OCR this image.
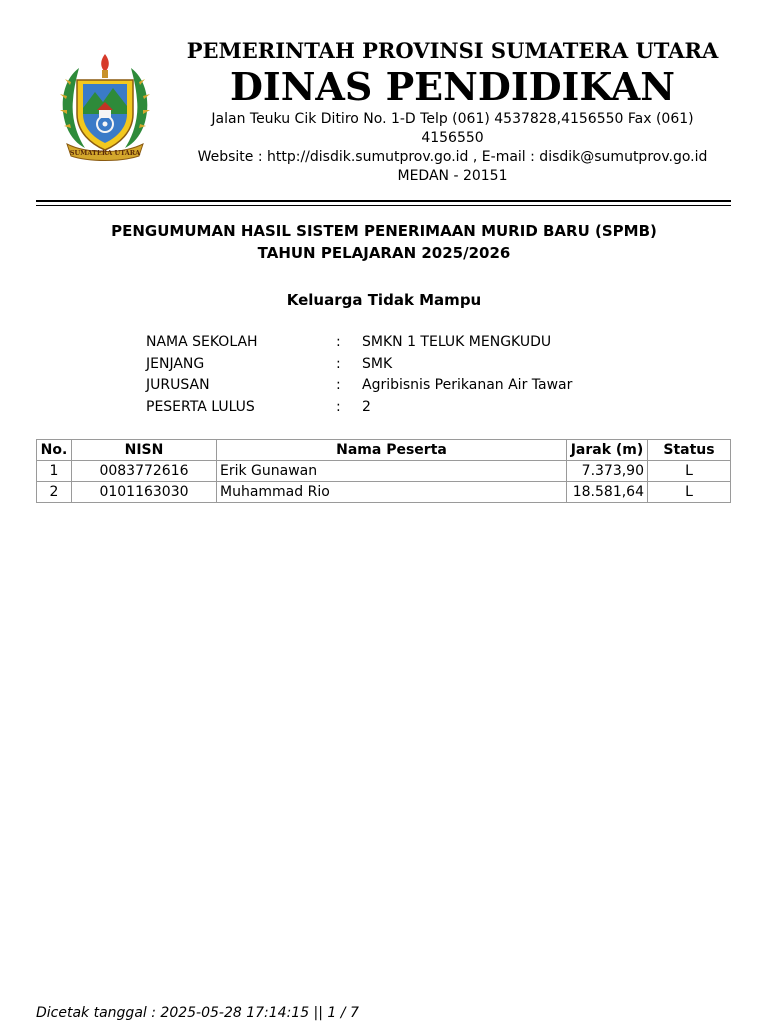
SUMATERA UTARA

PEMERINTAH PROVINSI SUMATERA UTARA

DINAS PENDIDIKAN

Jalan Teuku Cik Ditiro No. 1-D Telp (061) 4537828,4156550 Fax (061) 4156550

Website : http://disdik.sumutprov.go.id , E-mail : disdik@sumutprov.go.id

MEDAN - 20151

PENGUMUMAN HASIL SISTEM PENERIMAAN MURID BARU (SPMB)
TAHUN PELAJARAN 2025/2026
Keluarga Tidak Mampu
NAMA SEKOLAH	:	SMKN 1 TELUK MENGKUDU
JENJANG	:	SMK
JURUSAN	:	Agribisnis Perikanan Air Tawar
PESERTA LULUS	:	2
No.	NISN	Nama Peserta	Jarak (m)	Status
1	0083772616	Erik Gunawan	7.373,90	L
2	0101163030	Muhammad Rio	18.581,64	L
Dicetak tanggal : 2025-05-28 17:14:15 || 1 / 7
